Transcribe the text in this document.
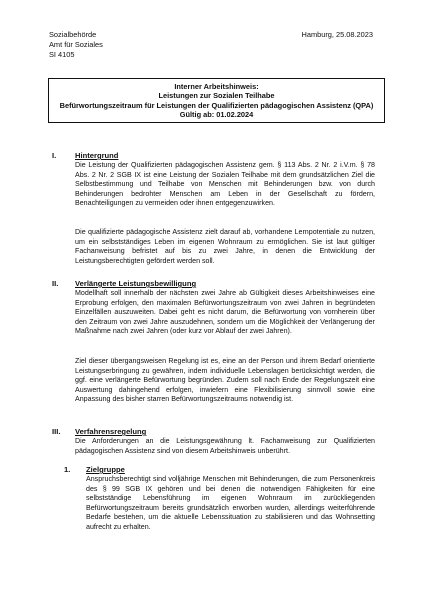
Sozialbehörde
Amt für Soziales
SI 4105
Hamburg, 25.08.2023
Interner Arbeitshinweis:
Leistungen zur Sozialen Teilhabe
Befürwortungszeitraum für Leistungen der Qualifizierten pädagogischen Assistenz (QPA)
Gültig ab: 01.02.2024
I. Hintergrund

Die Leistung der Qualifizierten pädagogischen Assistenz gem. § 113 Abs. 2 Nr. 2 i.V.m. § 78 Abs. 2 Nr. 2 SGB IX ist eine Leistung der Sozialen Teilhabe mit dem grundsätzlichen Ziel die Selbstbestimmung und Teilhabe von Menschen mit Behinderungen bzw. von durch Behinderungen bedrohter Menschen am Leben in der Gesellschaft zu fördern, Benachteiligungen zu vermeiden oder ihnen entgegenzuwirken.

Die qualifizierte pädagogische Assistenz zielt darauf ab, vorhandene Lernpotentiale zu nutzen, um ein selbstständiges Leben im eigenen Wohnraum zu ermöglichen. Sie ist laut gültiger Fachanweisung befristet auf bis zu zwei Jahre, in denen die Entwicklung der Leistungsberechtigten gefördert werden soll.

II. Verlängerte Leistungsbewilligung

Modellhaft soll innerhalb der nächsten zwei Jahre ab Gültigkeit dieses Arbeitshinweises eine Erprobung erfolgen, den maximalen Befürwortungszeitraum von zwei Jahren in begründeten Einzelfällen auszuweiten. Dabei geht es nicht darum, die Befürwortung von vornherein über den Zeitraum von zwei Jahre auszudehnen, sondern um die Möglichkeit der Verlängerung der Maßnahme nach zwei Jahren (oder kurz vor Ablauf der zwei Jahren).

Ziel dieser übergangsweisen Regelung ist es, eine an der Person und ihrem Bedarf orientierte Leistungserbringung zu gewähren, indem individuelle Lebenslagen berücksichtigt werden, die ggf. eine verlängerte Befürwortung begründen. Zudem soll nach Ende der Regelungszeit eine Auswertung dahingehend erfolgen, inwiefern eine Flexibilisierung sinnvoll sowie eine Anpassung des bisher starren Befürwortungszeitraums notwendig ist.

III. Verfahrensregelung

Die Anforderungen an die Leistungsgewährung lt. Fachanweisung zur Qualifizierten pädagogischen Assistenz sind von diesem Arbeitshinweis unberührt.

1. Zielgruppe

Anspruchsberechtigt sind volljährige Menschen mit Behinderungen, die zum Personenkreis des § 99 SGB IX gehören und bei denen die notwendigen Fähigkeiten für eine selbstständige Lebensführung im eigenen Wohnraum im zurückliegenden Befürwortungszeitraum bereits grundsätzlich erworben wurden, allerdings weiterführende Bedarfe bestehen, um die aktuelle Lebenssituation zu stabilisieren und das Wohnsetting aufrecht zu erhalten.
